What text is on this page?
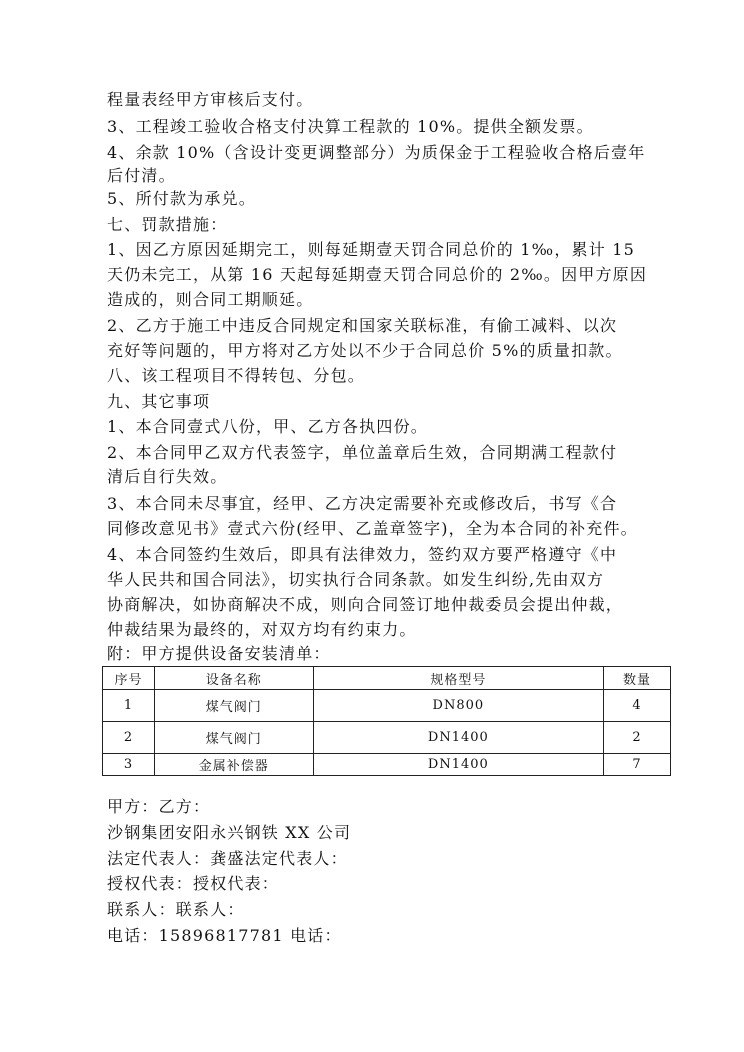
程量表经甲方审核后支付。
3、工程竣工验收合格支付决算工程款的 10%。提供全额发票。
4、余款 10%（含设计变更调整部分）为质保金于工程验收合格后壹年
后付清。
5、所付款为承兑。
七、罚款措施：
1、因乙方原因延期完工，则每延期壹天罚合同总价的 1‰，累计 15
天仍未完工，从第 16 天起每延期壹天罚合同总价的 2‰。因甲方原因
造成的，则合同工期顺延。
2、乙方于施工中违反合同规定和国家关联标准，有偷工减料、以次
充好等问题的，甲方将对乙方处以不少于合同总价 5%的质量扣款。
八、该工程项目不得转包、分包。
九、其它事项
1、本合同壹式八份，甲、乙方各执四份。
2、本合同甲乙双方代表签字，单位盖章后生效，合同期满工程款付
清后自行失效。
3、本合同未尽事宜，经甲、乙方决定需要补充或修改后，书写《合
同修改意见书》壹式六份(经甲、乙盖章签字)，全为本合同的补充件。
4、本合同签约生效后，即具有法律效力，签约双方要严格遵守《中
华人民共和国合同法》，切实执行合同条款。如发生纠纷,先由双方
协商解决，如协商解决不成，则向合同签订地仲裁委员会提出仲裁，
仲裁结果为最终的，对双方均有约束力。
附：甲方提供设备安装清单：
序号	设备名称	规格型号	数量
1	煤气阀门	DN800	4
2	煤气阀门	DN1400	2
3	金属补偿器	DN1400	7
甲方：乙方：
沙钢集团安阳永兴钢铁 XX 公司
法定代表人：龚盛法定代表人：
授权代表：授权代表：
联系人：联系人：
电话：15896817781 电话：
